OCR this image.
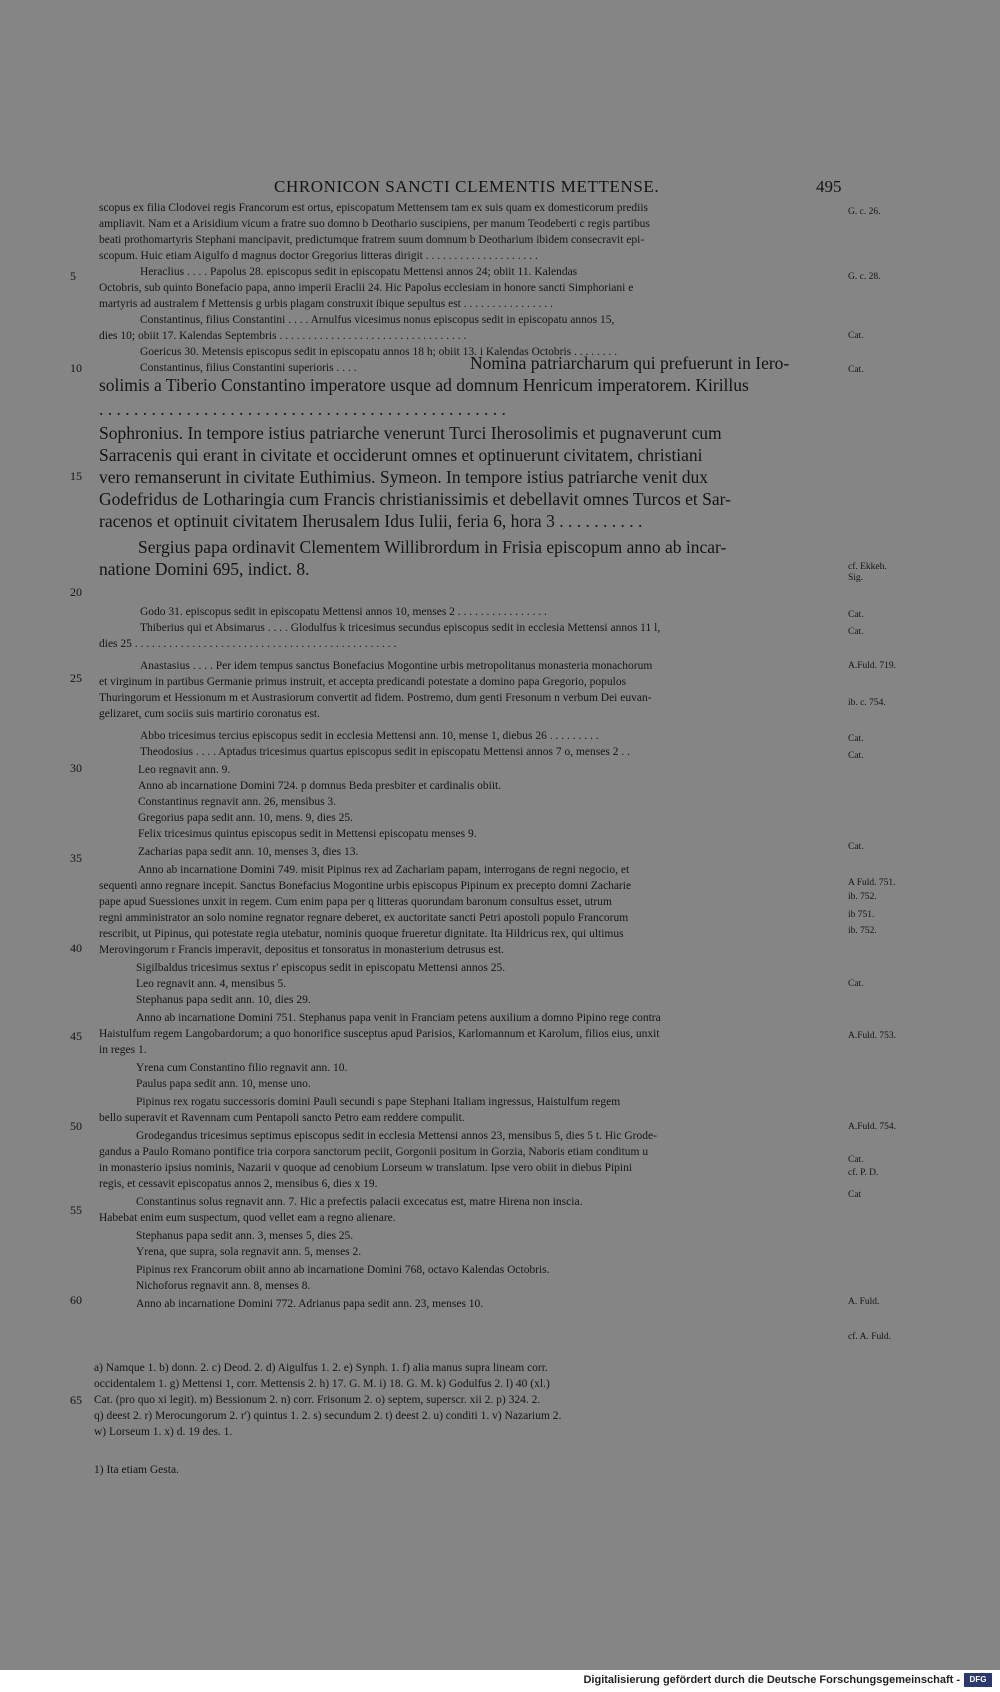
CHRONICON SANCTI CLEMENTIS METTENSE.	495
scopus ex filia Clodovei regis Francorum est ortus, episcopatum Mettensem tam ex suis quam ex domesticorum prediis
ampliavit. Nam et a Arisidium vicum a fratre suo domno b Deothario suscipiens, per manum Teodeberti c regis partibus
beati prothomartyris Stephani mancipavit, predictumque fratrem suum domnum b Deotharium ibidem consecravit epi-
scopum. Huic etiam Aigulfo d magnus doctor Gregorius litteras dirigit . . . . . . . . . . . . . . . . . . . .
Heraclius . . . . Papolus 28. episcopus sedit in episcopatu Mettensi annos 24; obiit 11. Kalendas
Octobris, sub quinto Bonefacio papa, anno imperii Eraclii 24. Hic Papolus ecclesiam in honore sancti Simphoriani e
martyris ad australem f Mettensis g urbis plagam construxit ibique sepultus est . . . . . . . . . . . . . . . .
Constantinus, filius Constantini . . . . Arnulfus vicesimus nonus episcopus sedit in episcopatu annos 15,
dies 10; obiit 17. Kalendas Septembris . . . . . . . . . . . . . . . . . . . . . . . . . . . . . . . . .
Goericus 30. Metensis episcopus sedit in episcopatu annos 18 h; obiit 13. i Kalendas Octobris . . . . . . . .
Constantinus, filius Constantini superioris . . . .	Nomina patriarcharum qui prefuerunt in Iero-
solimis a Tiberio Constantino imperatore usque ad domnum Henricum imperatorem. Kirillus
. . . . . . . . . . . . . . . . . . . . . . . . . . . . . . . . . . . . . . . . . . . . . . .
Sophronius. In tempore istius patriarche venerunt Turci Iherosolimis et pugnaverunt cum
Sarracenis qui erant in civitate et occiderunt omnes et optinuerunt civitatem, christiani
vero remanserunt in civitate Euthimius. Symeon. In tempore istius patriarche venit dux
Godefridus de Lotharingia cum Francis christianissimis et debellavit omnes Turcos et Sar-
racenos et optinuit civitatem Iherusalem Idus Iulii, feria 6, hora 3 . . . . . . . . . .
Sergius papa ordinavit Clementem Willibrordum in Frisia episcopum anno ab incar-
natione Domini 695, indict. 8.
Godo 31. episcopus sedit in episcopatu Mettensi annos 10, menses 2 . . . . . . . . . . . . . . . .
Thiberius qui et Absimarus . . . . Glodulfus k tricesimus secundus episcopus sedit in ecclesia Mettensi annos 11 l,
dies 25 . . . . . . . . . . . . . . . . . . . . . . . . . . . . . . . . . . . . . . . . . . . . . .
Anastasius . . . . Per idem tempus sanctus Bonefacius Mogontine urbis metropolitanus monasteria monachorum
et virginum in partibus Germanie primus instruit, et accepta predicandi potestate a domino papa Gregorio, populos
Thuringorum et Hessionum m et Austrasiorum convertit ad fidem. Postremo, dum genti Fresonum n verbum Dei euvan-
gelizaret, cum sociis suis martirio coronatus est.
Abbo tricesimus tercius episcopus sedit in ecclesia Mettensi ann. 10, mense 1, diebus 26 . . . . . . . . .
Theodosius . . . . Aptadus tricesimus quartus episcopus sedit in episcopatu Mettensi annos 7 o, menses 2 . .
Leo regnavit ann. 9.
Anno ab incarnatione Domini 724. p domnus Beda presbiter et cardinalis obiit.
Constantinus regnavit ann. 26, mensibus 3.
Gregorius papa sedit ann. 10, mens. 9, dies 25.
Felix tricesimus quintus episcopus sedit in Mettensi episcopatu menses 9.
Zacharias papa sedit ann. 10, menses 3, dies 13.
Anno ab incarnatione Domini 749. misit Pipinus rex ad Zachariam papam, interrogans de regni negocio, et
sequenti anno regnare incepit. Sanctus Bonefacius Mogontine urbis episcopus Pipinum ex precepto domni Zacharie
pape apud Suessiones unxit in regem. Cum enim papa per q litteras quorundam baronum consultus esset, utrum
regni amministrator an solo nomine regnator regnare deberet, ex auctoritate sancti Petri apostoli populo Francorum
rescribit, ut Pipinus, qui potestate regia utebatur, nominis quoque frueretur dignitate. Ita Hildricus rex, qui ultimus
Merovingorum r Francis imperavit, depositus et tonsoratus in monasterium detrusus est.
Sigilbaldus tricesimus sextus r' episcopus sedit in episcopatu Mettensi annos 25.
Leo regnavit ann. 4, mensibus 5.
Stephanus papa sedit ann. 10, dies 29.
Anno ab incarnatione Domini 751. Stephanus papa venit in Franciam petens auxilium a domno Pipino rege contra
Haistulfum regem Langobardorum; a quo honorifice susceptus apud Parisios, Karlomannum et Karolum, filios eius, unxit
in reges 1.
Yrena cum Constantino filio regnavit ann. 10.
Paulus papa sedit ann. 10, mense uno.
Pipinus rex rogatu successoris domini Pauli secundi s pape Stephani Italiam ingressus, Haistulfum regem
bello superavit et Ravennam cum Pentapoli sancto Petro eam reddere compulit.
Grodegandus tricesimus septimus episcopus sedit in ecclesia Mettensi annos 23, mensibus 5, dies 5 t. Hic Grode-
gandus a Paulo Romano pontifice tria corpora sanctorum peciit, Gorgonii positum in Gorzia, Naboris etiam conditum u
in monasterio ipsius nominis, Nazarii v quoque ad cenobium Lorseum w translatum. Ipse vero obiit in diebus Pipini
regis, et cessavit episcopatus annos 2, mensibus 6, dies x 19.
Constantinus solus regnavit ann. 7. Hic a prefectis palacii excecatus est, matre Hirena non inscia.
Habebat enim eum suspectum, quod vellet eam a regno alienare.
Stephanus papa sedit ann. 3, menses 5, dies 25.
Yrena, que supra, sola regnavit ann. 5, menses 2.
Pipinus rex Francorum obiit anno ab incarnatione Domini 768, octavo Kalendas Octobris.
Nichoforus regnavit ann. 8, menses 8.
Anno ab incarnatione Domini 772. Adrianus papa sedit ann. 23, menses 10.
a) Namque 1. b) donn. 2. c) Deod. 2. d) Aigulfus 1. 2. e) Synph. 1. f) alia manus supra lineam corr.
occidentalem 1. g) Mettensi 1, corr. Mettensis 2. h) 17. G. M. i) 18. G. M. k) Godulfus 2. l) 40 (xl.)
Cat. (pro quo xi legit). m) Bessionum 2. n) corr. Frisonum 2. o) septem, superscr. xii 2. p) 324. 2.
q) deest 2. r) Merocungorum 2. r') quintus 1. 2. s) secundum 2. t) deest 2. u) conditi 1. v) Nazarium 2.
w) Lorseum 1. x) d. 19 des. 1.
1) Ita etiam Gesta.
5
10
15
20
25
30
35
40
45
50
55
60
65
G. c. 26.
G. c. 28.
Cat.
Cat.
cf. Ekkeh.
Sig.
Cat.
Cat.
A.Fuld. 719.
ib. c. 754.
Cat.
Cat.
Cat.
A Fuld. 751.
ib. 752.
ib 751.
ib. 752.
Cat.
A.Fuld. 753.
A.Fuld. 754.
Cat.
cf. P. D.
Cat
A. Fuld.
cf. A. Fuld.
Digitalisierung gefördert durch die Deutsche Forschungsgemeinschaft -	DFG
